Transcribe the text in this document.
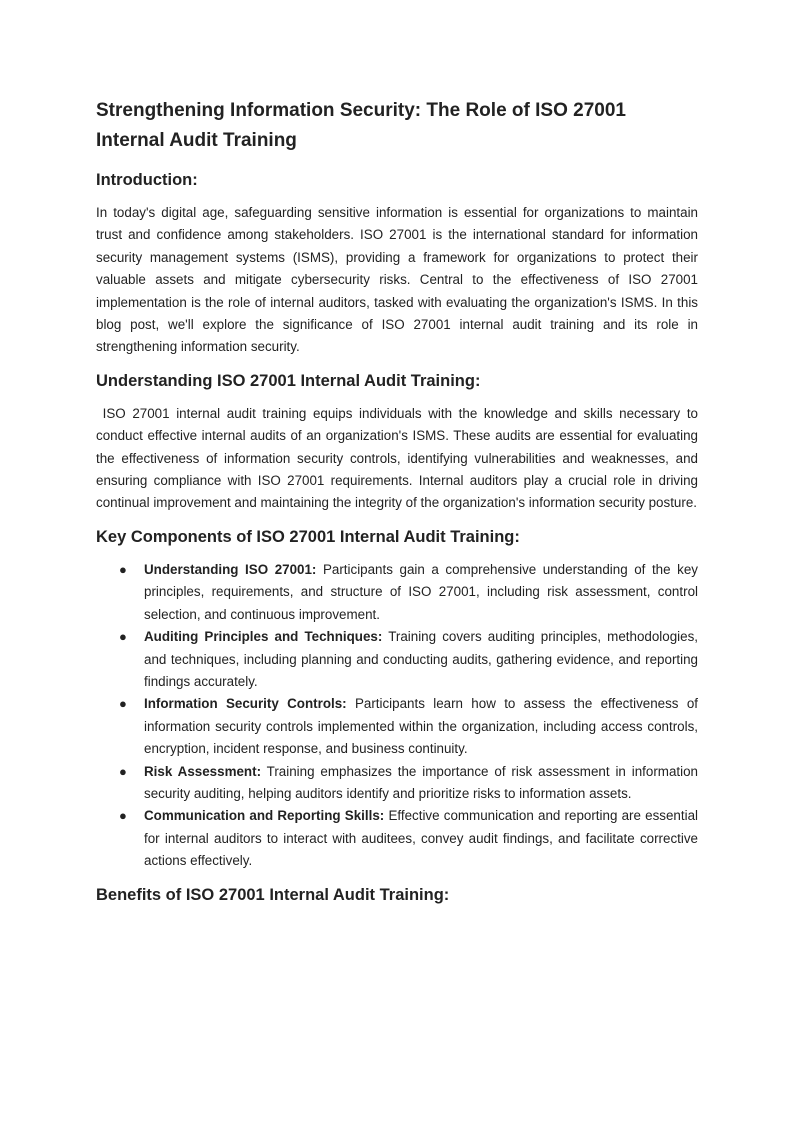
Strengthening Information Security: The Role of ISO 27001 Internal Audit Training
Introduction:

In today's digital age, safeguarding sensitive information is essential for organizations to maintain trust and confidence among stakeholders. ISO 27001 is the international standard for information security management systems (ISMS), providing a framework for organizations to protect their valuable assets and mitigate cybersecurity risks. Central to the effectiveness of ISO 27001 implementation is the role of internal auditors, tasked with evaluating the organization's ISMS. In this blog post, we'll explore the significance of ISO 27001 internal audit training and its role in strengthening information security.

Understanding ISO 27001 Internal Audit Training:

ISO 27001 internal audit training equips individuals with the knowledge and skills necessary to conduct effective internal audits of an organization's ISMS. These audits are essential for evaluating the effectiveness of information security controls, identifying vulnerabilities and weaknesses, and ensuring compliance with ISO 27001 requirements. Internal auditors play a crucial role in driving continual improvement and maintaining the integrity of the organization's information security posture.

Key Components of ISO 27001 Internal Audit Training:
● Understanding ISO 27001: Participants gain a comprehensive understanding of the key principles, requirements, and structure of ISO 27001, including risk assessment, control selection, and continuous improvement.
● Auditing Principles and Techniques: Training covers auditing principles, methodologies, and techniques, including planning and conducting audits, gathering evidence, and reporting findings accurately.
● Information Security Controls: Participants learn how to assess the effectiveness of information security controls implemented within the organization, including access controls, encryption, incident response, and business continuity.
● Risk Assessment: Training emphasizes the importance of risk assessment in information security auditing, helping auditors identify and prioritize risks to information assets.
● Communication and Reporting Skills: Effective communication and reporting are essential for internal auditors to interact with auditees, convey audit findings, and facilitate corrective actions effectively.
Benefits of ISO 27001 Internal Audit Training:
